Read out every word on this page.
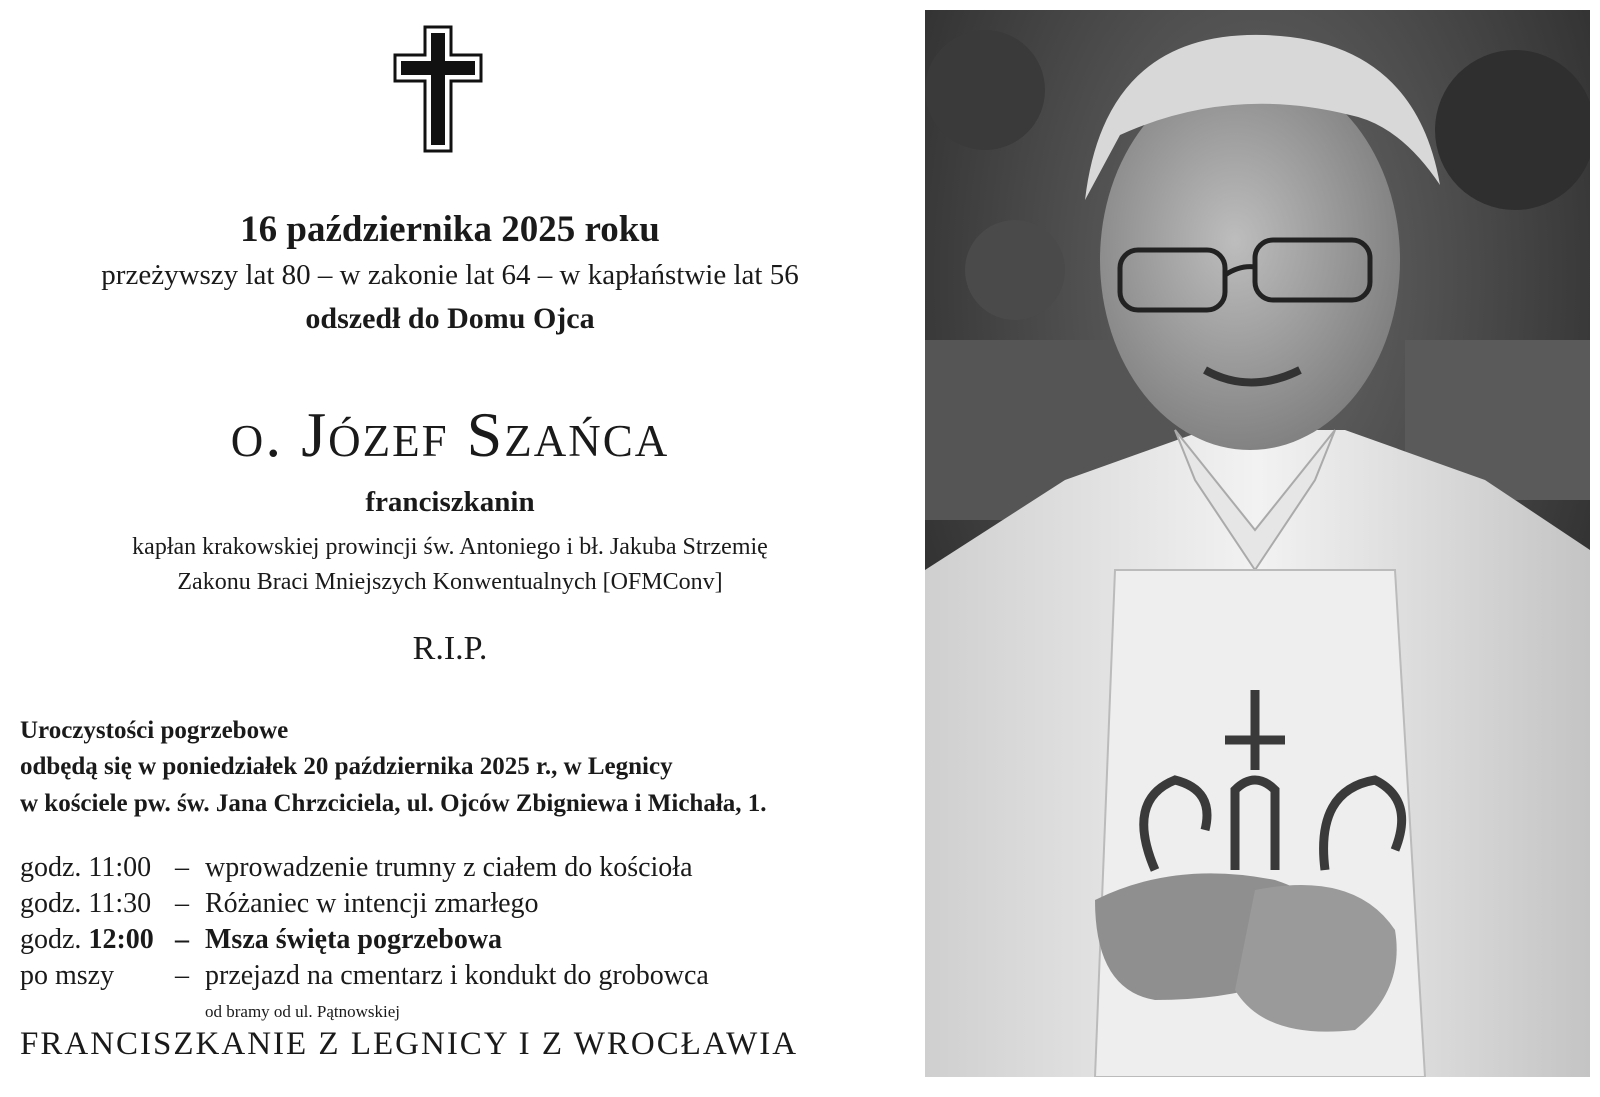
16 października 2025 roku
przeżywszy lat 80 – w zakonie lat 64 – w kapłaństwie lat 56
odszedł do Domu Ojca
o. Józef Szańca
franciszkanin
kapłan krakowskiej prowincji św. Antoniego i bł. Jakuba Strzemię
Zakonu Braci Mniejszych Konwentualnych [OFMConv]
R.I.P.
Uroczystości pogrzebowe
odbędą się w poniedziałek 20 października 2025 r., w Legnicy
w kościele pw. św. Jana Chrzciciela, ul. Ojców Zbigniewa i Michała, 1.
godz. 11:00 – wprowadzenie trumny z ciałem do kościoła
godz. 11:30 – Różaniec w intencji zmarłego
godz. 12:00 – Msza święta pogrzebowa
po mszy – przejazd na cmentarz i kondukt do grobowca
od bramy od ul. Pątnowskiej
FRANCISZKANIE Z LEGNICY I Z WROCŁAWIA
